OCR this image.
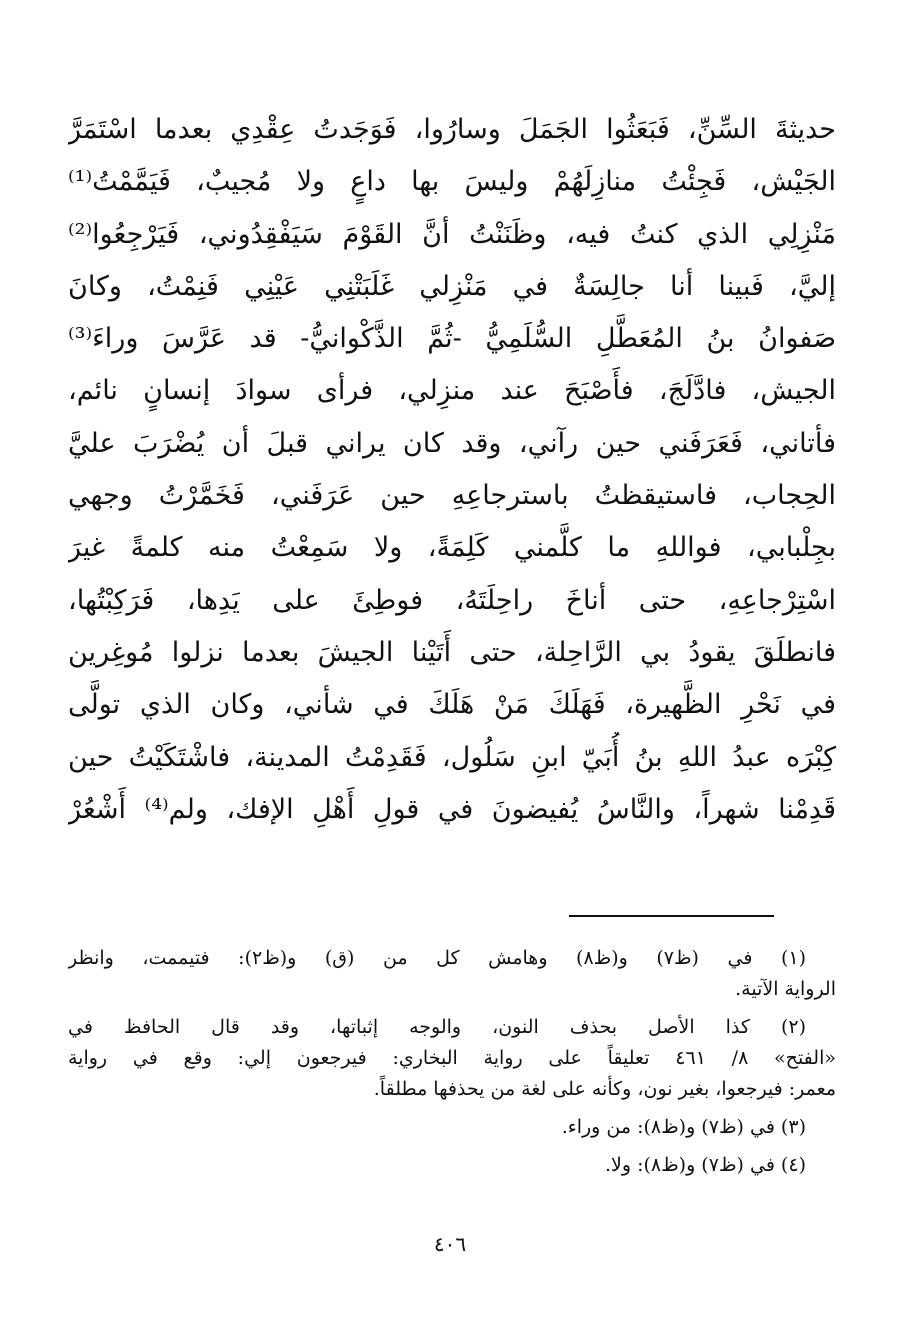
حديثةَ السِّنِّ، فَبَعَثُوا الجَمَلَ وسارُوا، فَوَجَدتُ عِقْدِي بعدما اسْتَمَرَّ
الجَيْش، فَجِئْتُ منازِلَهُمْ وليسَ بها داعٍ ولا مُجيبٌ، فَيَمَّمْتُ⁽¹⁾
مَنْزِلِي الذي كنتُ فيه، وظَنَنْتُ أنَّ القَوْمَ سَيَفْقِدُوني، فَيَرْجِعُوا⁽²⁾
إليَّ، فَبينا أنا جالِسَةٌ في مَنْزِلي غَلَبَتْنِي عَيْنِي فَنِمْتُ، وكانَ
صَفوانُ بنُ المُعَطَّلِ السُّلَمِيُّ -ثُمَّ الذَّكْوانيُّ- قد عَرَّسَ وراءَ⁽³⁾
الجيش، فادَّلَجَ، فأَصْبَحَ عند منزِلي، فرأى سوادَ إنسانٍ نائم،
فأتاني، فَعَرَفَني حين رآني، وقد كان يراني قبلَ أن يُضْرَبَ عليَّ
الحِجاب، فاستيقظتُ باسترجاعِهِ حين عَرَفَني، فَخَمَّرْتُ وجهي
بجِلْبابي، فواللهِ ما كلَّمني كَلِمَةً، ولا سَمِعْتُ منه كلمةً غيرَ
اسْتِرْجاعِهِ، حتى أناخَ راحِلَتَهُ، فوطِئَ على يَدِها، فَرَكِبْتُها،
فانطلَقَ يقودُ بي الرَّاحِلة، حتى أَتَيْنا الجيشَ بعدما نزلوا مُوغِرين
في نَحْرِ الظَّهيرة، فَهَلَكَ مَنْ هَلَكَ في شأني، وكان الذي تولَّى
كِبْرَه عبدُ اللهِ بنُ أُبَيّ ابنِ سَلُول، فَقَدِمْتُ المدينة، فاشْتَكَيْتُ حين
قَدِمْنا شهراً، والنَّاسُ يُفيضونَ في قولِ أَهْلِ الإفك، ولم⁽⁴⁾ أَشْعُرْ
(١) في (ظ٧) و(ظ٨) وهامش كل من (ق) و(ظ٢): فتيممت، وانظر
الرواية الآتية.
(٢) كذا الأصل بحذف النون، والوجه إثباتها، وقد قال الحافظ في
«الفتح» ٨/ ٤٦١ تعليقاً على رواية البخاري: فيرجعون إلي: وقع في رواية
معمر: فيرجعوا، بغير نون، وكأنه على لغة من يحذفها مطلقاً.
(٣) في (ظ٧) و(ظ٨): من وراء.
(٤) في (ظ٧) و(ظ٨): ولا.
٤٠٦
